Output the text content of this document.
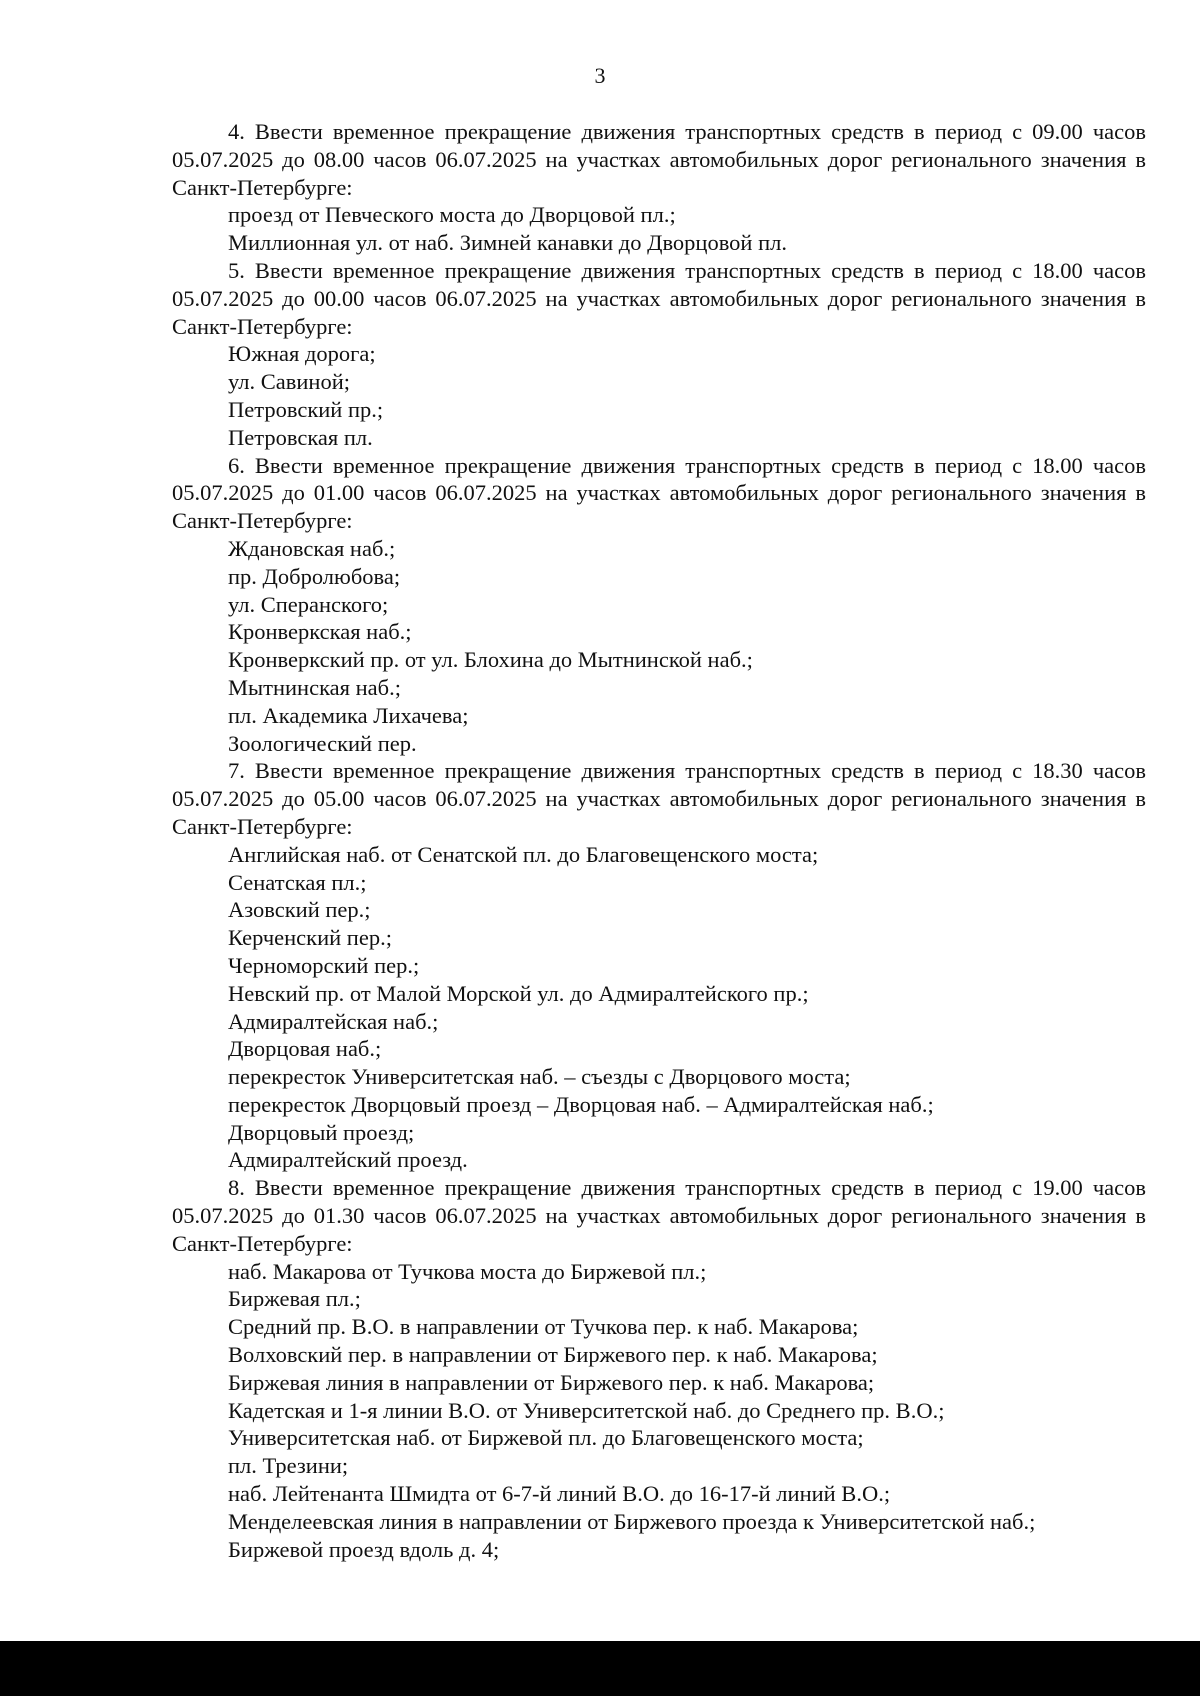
3

4. Ввести временное прекращение движения транспортных средств в период с 09.00 часов 05.07.2025 до 08.00 часов 06.07.2025 на участках автомобильных дорог регионального значения в Санкт-Петербурге:

проезд от Певческого моста до Дворцовой пл.;
Миллионная ул. от наб. Зимней канавки до Дворцовой пл.

5. Ввести временное прекращение движения транспортных средств в период с 18.00 часов 05.07.2025 до 00.00 часов 06.07.2025 на участках автомобильных дорог регионального значения в Санкт-Петербурге:

Южная дорога;
ул. Савиной;
Петровский пр.;
Петровская пл.

6. Ввести временное прекращение движения транспортных средств в период с 18.00 часов 05.07.2025 до 01.00 часов 06.07.2025 на участках автомобильных дорог регионального значения в Санкт-Петербурге:

Ждановская наб.;
пр. Добролюбова;
ул. Сперанского;
Кронверкская наб.;
Кронверкский пр. от ул. Блохина до Мытнинской наб.;
Мытнинская наб.;
пл. Академика Лихачева;
Зоологический пер.

7. Ввести временное прекращение движения транспортных средств в период с 18.30 часов 05.07.2025 до 05.00 часов 06.07.2025 на участках автомобильных дорог регионального значения в Санкт-Петербурге:

Английская наб. от Сенатской пл. до Благовещенского моста;
Сенатская пл.;
Азовский пер.;
Керченский пер.;
Черноморский пер.;
Невский пр. от Малой Морской ул. до Адмиралтейского пр.;
Адмиралтейская наб.;
Дворцовая наб.;
перекресток Университетская наб. – съезды с Дворцового моста;
перекресток Дворцовый проезд – Дворцовая наб. – Адмиралтейская наб.;
Дворцовый проезд;
Адмиралтейский проезд.

8. Ввести временное прекращение движения транспортных средств в период с 19.00 часов 05.07.2025 до 01.30 часов 06.07.2025 на участках автомобильных дорог регионального значения в Санкт-Петербурге:

наб. Макарова от Тучкова моста до Биржевой пл.;
Биржевая пл.;
Средний пр. В.О. в направлении от Тучкова пер. к наб. Макарова;
Волховский пер. в направлении от Биржевого пер. к наб. Макарова;
Биржевая линия в направлении от Биржевого пер. к наб. Макарова;
Кадетская и 1-я линии В.О. от Университетской наб. до Среднего пр. В.О.;
Университетская наб. от Биржевой пл. до Благовещенского моста;
пл. Трезини;
наб. Лейтенанта Шмидта от 6-7-й линий В.О. до 16-17-й линий В.О.;
Менделеевская линия в направлении от Биржевого проезда к Университетской наб.;
Биржевой проезд вдоль д. 4;
